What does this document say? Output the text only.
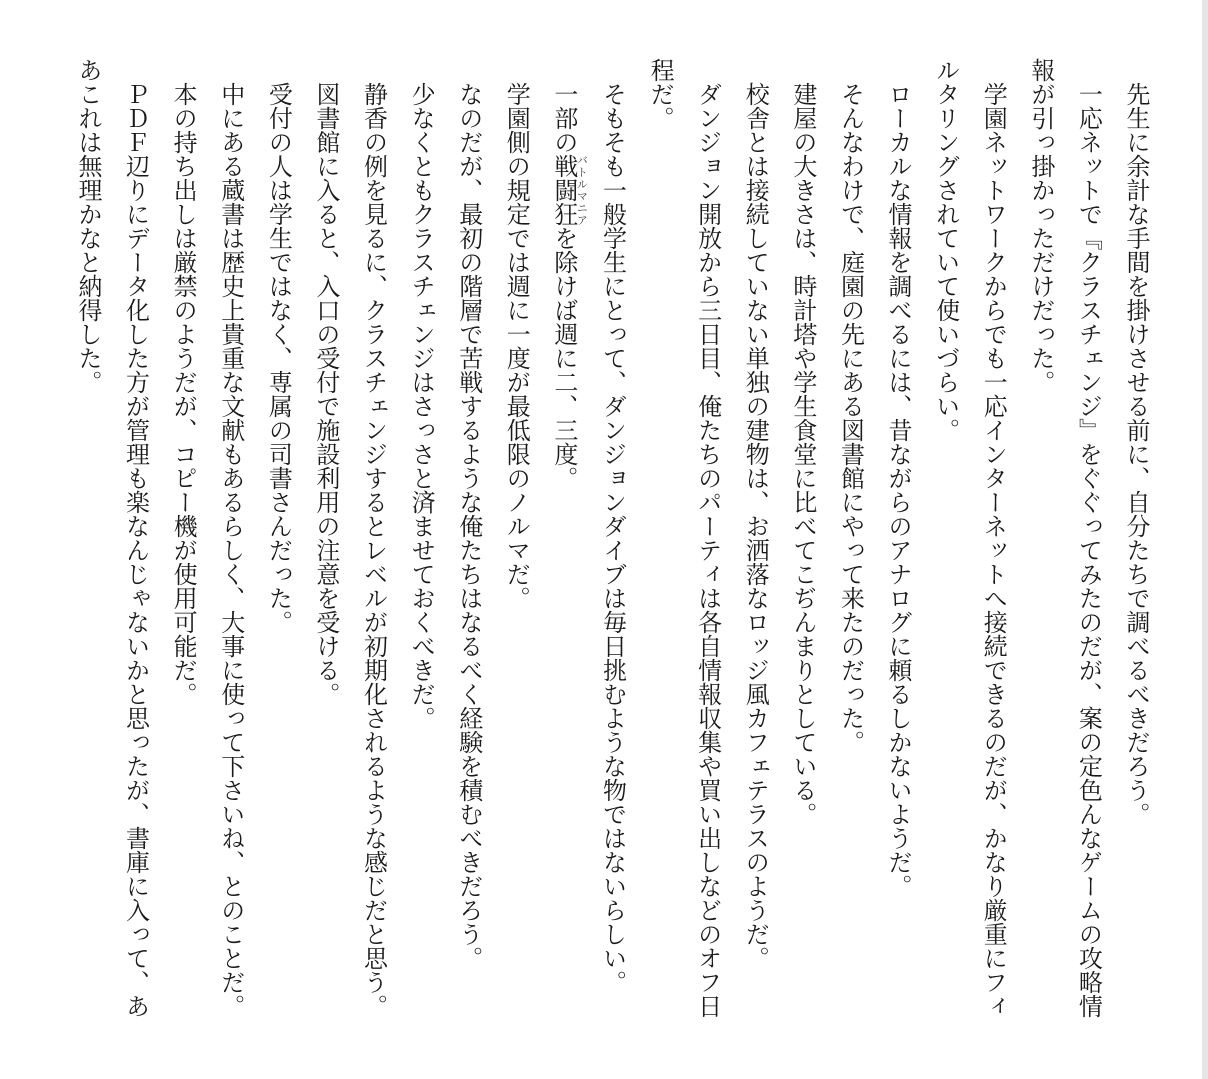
先生に余計な手間を掛けさせる前に、自分たちで調べるべきだろう。

一応ネットで『クラスチェンジ』をぐぐってみたのだが、案の定色んなゲームの攻略情報が引っ掛かっただけだった。

学園ネットワークからでも一応インターネットへ接続できるのだが、かなり厳重にフィルタリングされていて使いづらい。

ローカルな情報を調べるには、昔ながらのアナログに頼るしかないようだ。

そんなわけで、庭園の先にある図書館にやって来たのだった。

建屋の大きさは、時計塔や学生食堂に比べてこぢんまりとしている。

校舎とは接続していない単独の建物は、お洒落なロッジ風カフェテラスのようだ。

ダンジョン開放から三日目、俺たちのパーティは各自情報収集や買い出しなどのオフ日程だ。

そもそも一般学生にとって、ダンジョンダイブは毎日挑むような物ではないらしい。

一部の戦闘狂バトルマニアを除けば週に二、三度。

学園側の規定では週に一度が最低限のノルマだ。

なのだが、最初の階層で苦戦するような俺たちはなるべく経験を積むべきだろう。

少なくともクラスチェンジはさっさと済ませておくべきだ。

静香の例を見るに、クラスチェンジするとレベルが初期化されるような感じだと思う。

図書館に入ると、入口の受付で施設利用の注意を受ける。

受付の人は学生ではなく、専属の司書さんだった。

中にある蔵書は歴史上貴重な文献もあるらしく、大事に使って下さいね、とのことだ。

本の持ち出しは厳禁のようだが、コピー機が使用可能だ。

ＰＤＦ辺りにデータ化した方が管理も楽なんじゃないかと思ったが、書庫に入って、ああこれは無理かなと納得した。
